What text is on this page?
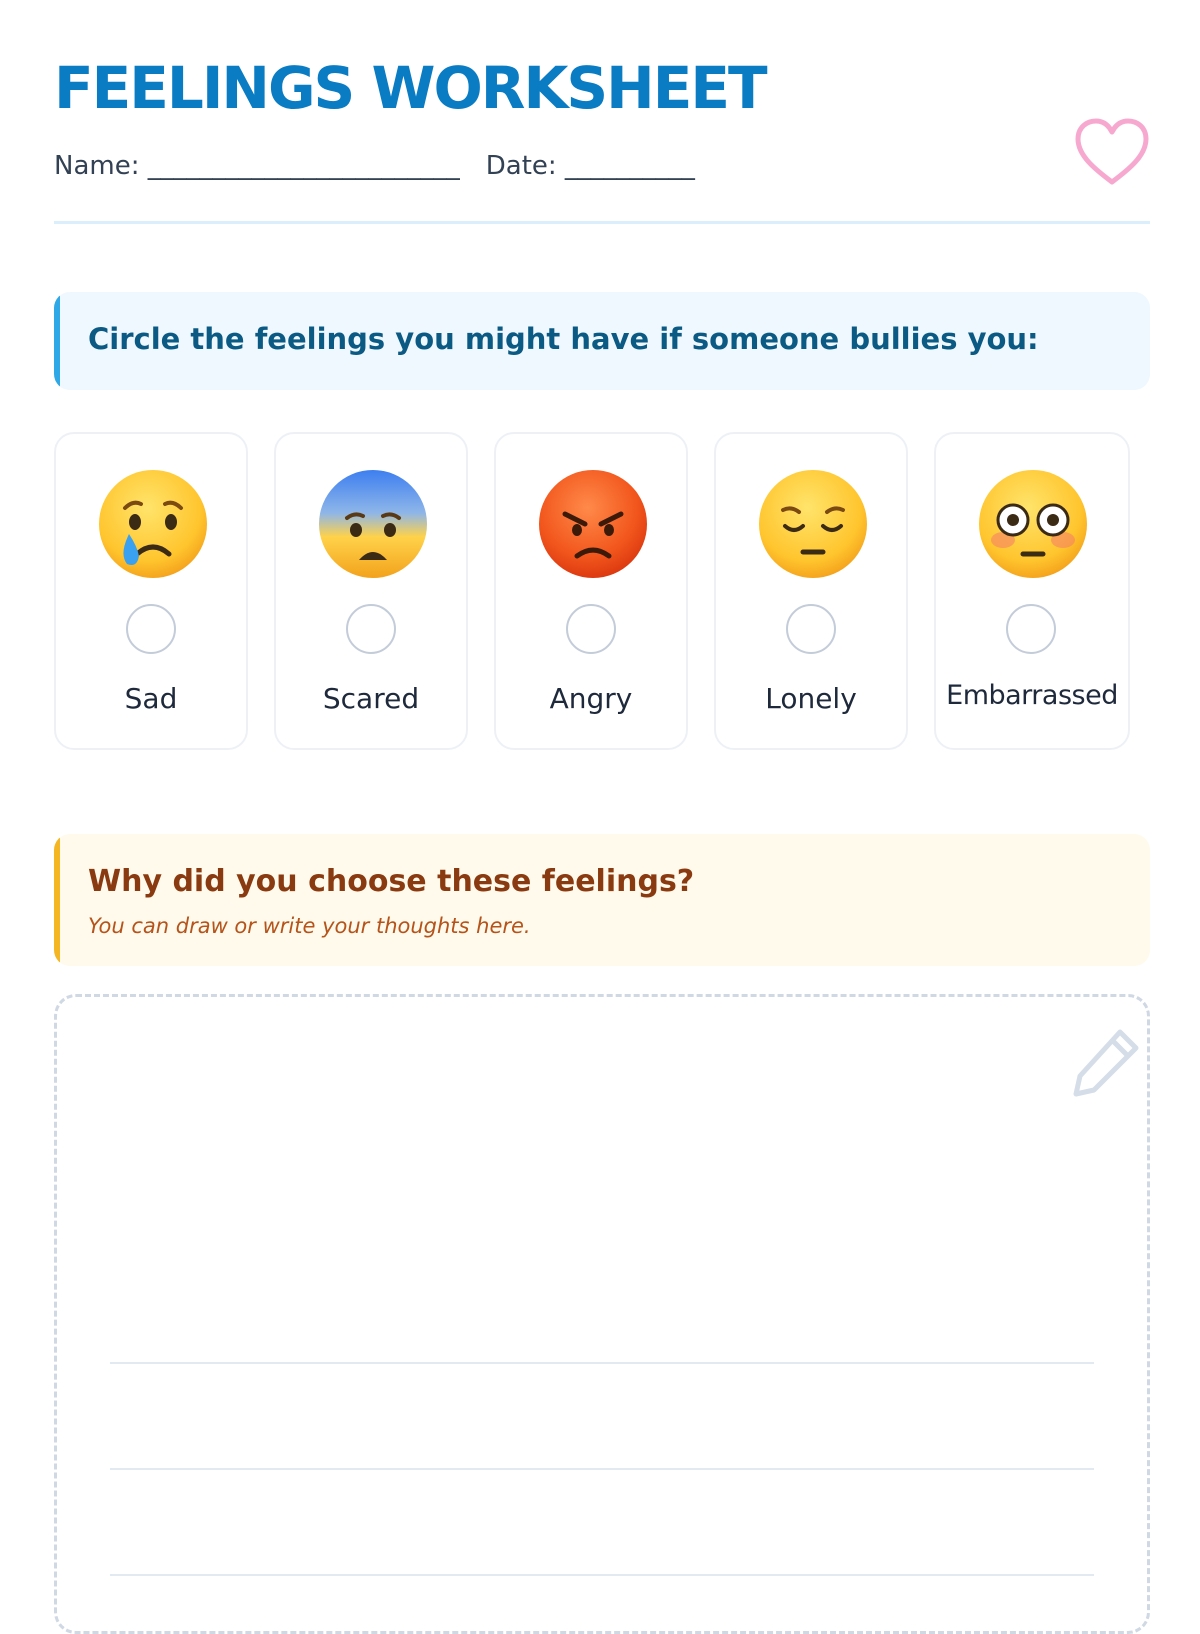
FEELINGS WORKSHEET
Name: ________________________ Date: __________
Circle the feelings you might have if someone bullies you:
Sad	Scared	Angry	Lonely	Embarrassed
Why did you choose these feelings?
You can draw or write your thoughts here.
